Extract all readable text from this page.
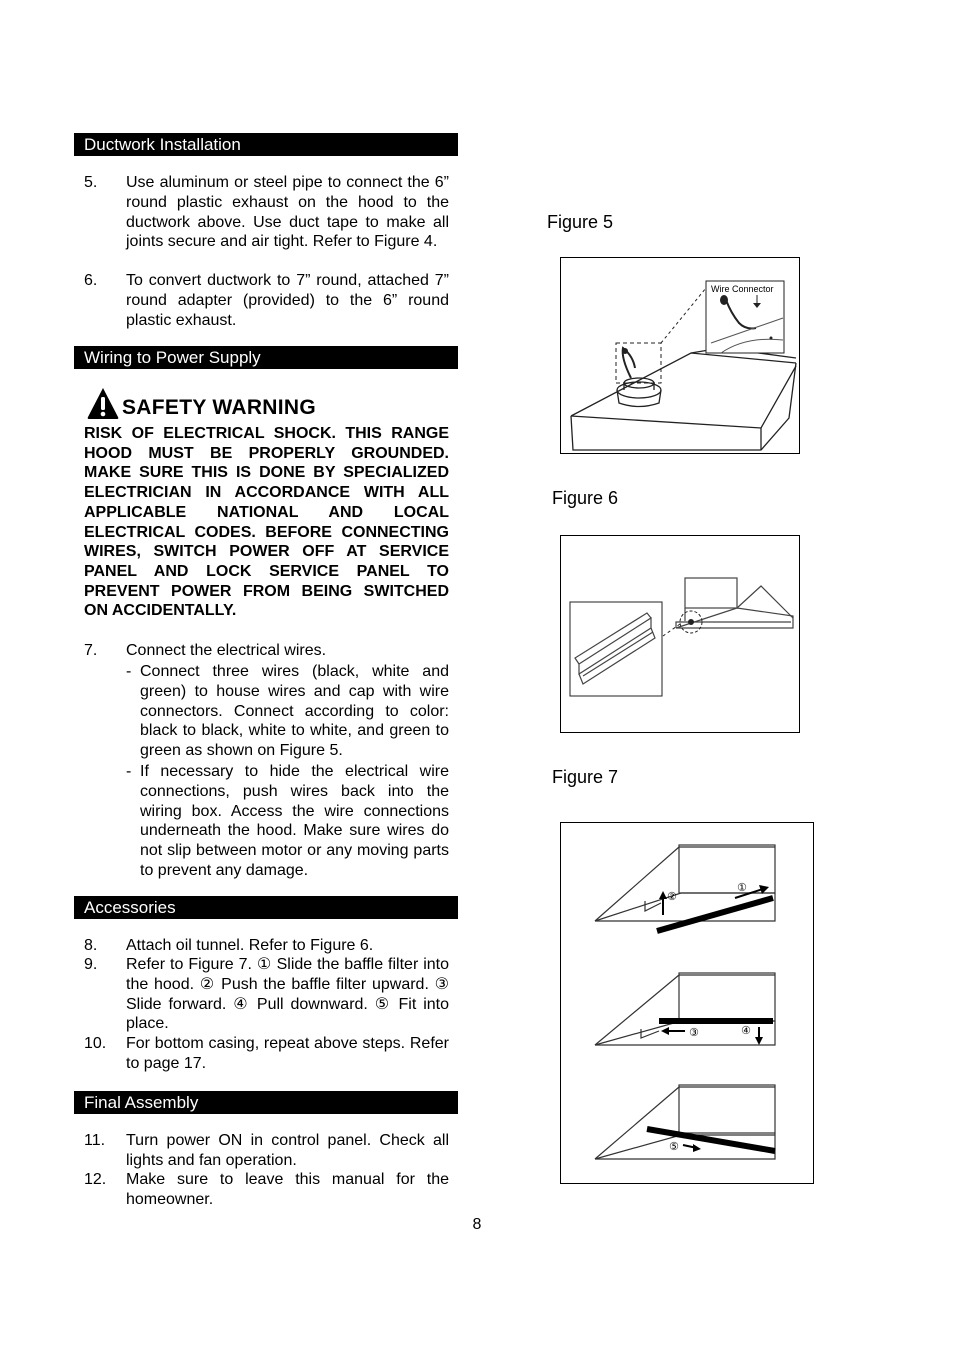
Ductwork Installation
Wiring to Power Supply
Accessories
Final Assembly
5. Use aluminum or steel pipe to connect the 6” round plastic exhaust on the hood to the ductwork above. Use duct tape to make all joints secure and air tight. Refer to Figure 4.
6. To convert ductwork to 7” round, attached 7” round adapter (provided) to the 6” round plastic exhaust.
SAFETY WARNING
RISK OF ELECTRICAL SHOCK. THIS RANGE HOOD MUST BE PROPERLY GROUNDED. MAKE SURE THIS IS DONE BY SPECIALIZED ELECTRICIAN IN ACCORDANCE WITH ALL APPLICABLE NATIONAL AND LOCAL ELECTRICAL CODES. BEFORE CONNECTING WIRES, SWITCH POWER OFF AT SERVICE PANEL AND LOCK SERVICE PANEL TO PREVENT POWER FROM BEING SWITCHED ON ACCIDENTALLY.
7. Connect the electrical wires.
- Connect three wires (black, white and green) to house wires and cap with wire connectors. Connect according to color: black to black, white to white, and green to green as shown on Figure 5.
- If necessary to hide the electrical wire connections, push wires back into the wiring box. Access the wire connections underneath the hood. Make sure wires do not slip between motor or any moving parts to prevent any damage.
8. Attach oil tunnel. Refer to Figure 6.
9. Refer to Figure 7. ① Slide the baffle filter into the hood. ② Push the baffle filter upward. ③ Slide forward. ④ Pull downward. ⑤ Fit into place.
10. For bottom casing, repeat above steps. Refer to page 17.
11. Turn power ON in control panel. Check all lights and fan operation.
12. Make sure to leave this manual for the homeowner.
Figure 5
Wire Connector
Figure 6
Figure 7
②
①
③	④
⑤
8
